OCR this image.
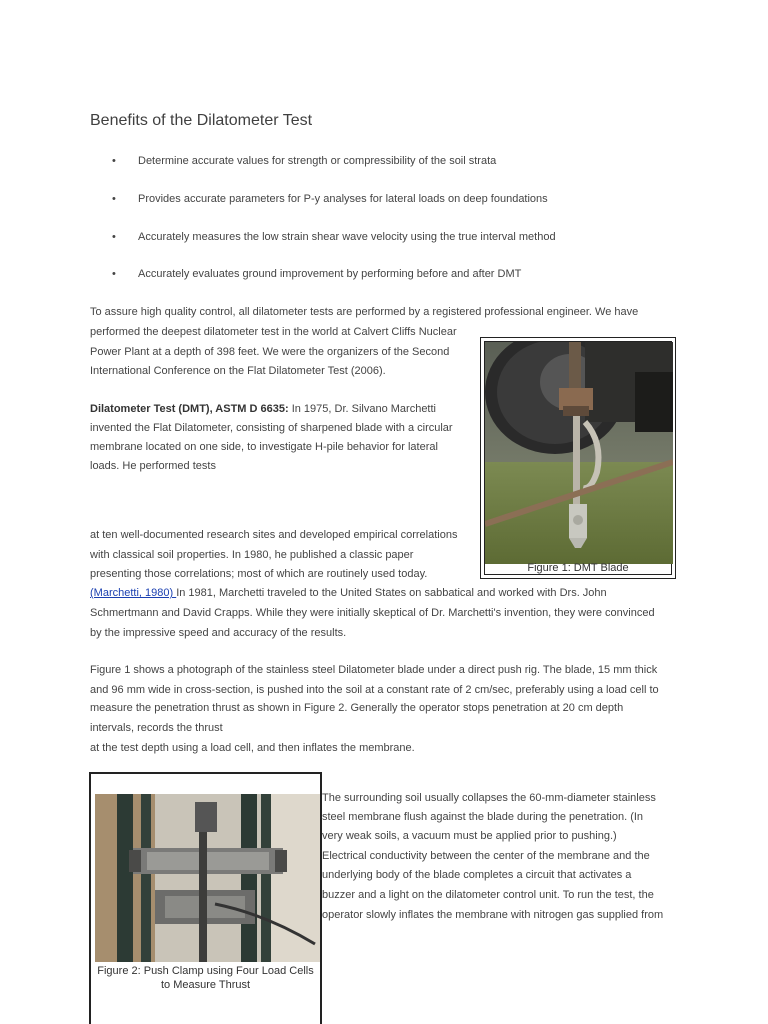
Benefits of the Dilatometer Test
•	Determine accurate values for strength or compressibility of the soil strata
•	Provides accurate parameters for P-y analyses for lateral loads on deep foundations
•	Accurately measures the low strain shear wave velocity using the true interval method
•	Accurately evaluates ground improvement by performing before and after DMT
To assure high quality control, all dilatometer tests are performed by a registered professional engineer. We have
performed the deepest dilatometer test in the world at Calvert Cliffs Nuclear
Power Plant at a depth of 398 feet. We were the organizers of the Second
International Conference on the Flat Dilatometer Test (2006).
Dilatometer Test (DMT), ASTM D 6635: In 1975, Dr. Silvano Marchetti
invented the Flat Dilatometer, consisting of sharpened blade with a circular
membrane located on one side, to investigate H-pile behavior for lateral
loads. He performed tests
at ten well-documented research sites and developed empirical correlations
with classical soil properties. In 1980, he published a classic paper
presenting those correlations; most of which are routinely used today.
(Marchetti, 1980) In 1981, Marchetti traveled to the United States on sabbatical and worked with Drs. John
Schmertmann and David Crapps. While they were initially skeptical of Dr. Marchetti's invention, they were convinced
by the impressive speed and accuracy of the results.
Figure 1 shows a photograph of the stainless steel Dilatometer blade under a direct push rig. The blade, 15 mm thick
and 96 mm wide in cross-section, is pushed into the soil at a constant rate of 2 cm/sec, preferably using a load cell to
measure the penetration thrust as shown in Figure 2. Generally the operator stops penetration at 20 cm depth
intervals, records the thrust
at the test depth using a load cell, and then inflates the membrane.
Figure 1: DMT Blade
Figure 2: Push Clamp using Four Load Cells to Measure Thrust
The surrounding soil usually collapses the 60-mm-diameter stainless
steel membrane flush against the blade during the penetration. (In
very weak soils, a vacuum must be applied prior to pushing.)
Electrical conductivity between the center of the membrane and the
underlying body of the blade completes a circuit that activates a
buzzer and a light on the dilatometer control unit. To run the test, the
operator slowly inflates the membrane with nitrogen gas supplied from
